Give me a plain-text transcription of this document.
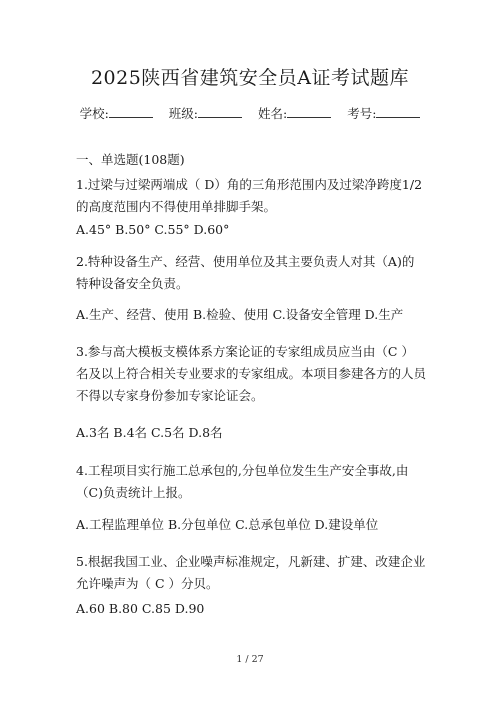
2025陕西省建筑安全员A证考试题库
学校:	班级:	姓名:	考号:
一、单选题(108题)
1.过梁与过梁两端成（ D）角的三角形范围内及过梁净跨度1/2的高度范围内不得使用单排脚手架。
A.45° B.50° C.55° D.60°
2.特种设备生产、经营、使用单位及其主要负责人对其（A)的特种设备安全负责。
A.生产、经营、使用 B.检验、使用 C.设备安全管理 D.生产
3.参与高大模板支模体系方案论证的专家组成员应当由（C ）名及以上符合相关专业要求的专家组成。本项目参建各方的人员不得以专家身份参加专家论证会。
A.3名 B.4名 C.5名 D.8名
4.工程项目实行施工总承包的,分包单位发生生产安全事故,由（C)负责统计上报。
A.工程监理单位 B.分包单位 C.总承包单位 D.建设单位
5.根据我国工业、企业噪声标准规定，凡新建、扩建、改建企业允许噪声为（ C ）分贝。
A.60 B.80 C.85 D.90
1 / 27
